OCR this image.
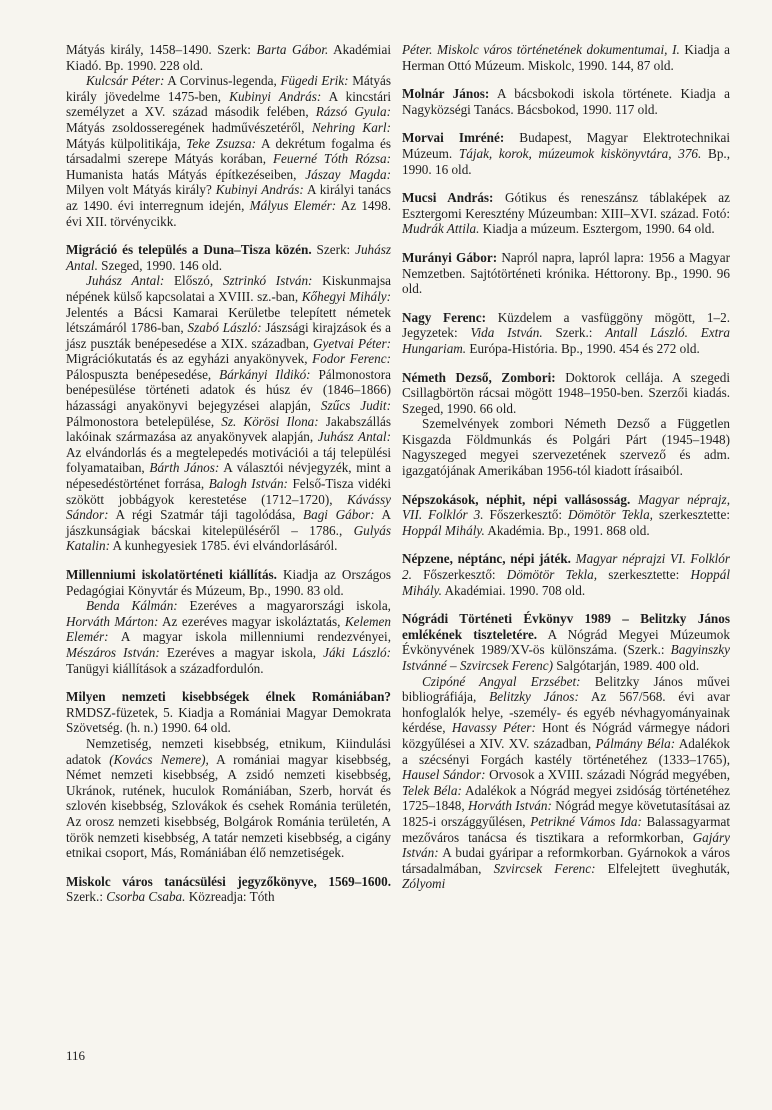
Mátyás király, 1458–1490. Szerk: Barta Gábor. Akadémiai Kiadó. Bp. 1990. 228 old.

Kulcsár Péter: A Corvinus-legenda, Fügedi Erik: Mátyás király jövedelme 1475-ben, Kubinyi András: A kincstári személyzet a XV. század második felében, Rázsó Gyula: Mátyás zsoldosseregének hadművészetéről, Nehring Karl: Mátyás külpolitikája, Teke Zsuzsa: A dekrétum fogalma és társadalmi szerepe Mátyás korában, Feuerné Tóth Rózsa: Humanista hatás Mátyás építkezéseiben, Jászay Magda: Milyen volt Mátyás király? Kubinyi András: A királyi tanács az 1490. évi interregnum idején, Mályus Elemér: Az 1498. évi XII. törvénycikk.

Migráció és település a Duna–Tisza közén. Szerk: Juhász Antal. Szeged, 1990. 146 old.

Juhász Antal: Előszó, Sztrinkó István: Kiskunmajsa népének külső kapcsolatai a XVIII. sz.-ban, Kőhegyi Mihály: Jelentés a Bácsi Kamarai Kerületbe telepített németek létszámáról 1786-ban, Szabó László: Jászsági kirajzások és a jász puszták benépesedése a XIX. században, Gyetvai Péter: Migrációkutatás és az egyházi anyakönyvek, Fodor Ferenc: Pálospuszta benépesedése, Bárkányi Ildikó: Pálmonostora benépesülése történeti adatok és húsz év (1846–1866) házassági anyakönyvi bejegyzései alapján, Szűcs Judit: Pálmonostora betelepülése, Sz. Körösi Ilona: Jakabszállás lakóinak származása az anyakönyvek alapján, Juhász Antal: Az elvándorlás és a megtelepedés motivációi a táj települési folyamataiban, Bárth János: A választói névjegyzék, mint a népesedéstörténet forrása, Balogh István: Felső-Tisza vidéki szökött jobbágyok kerestetése (1712–1720), Kávássy Sándor: A régi Szatmár táji tagolódása, Bagi Gábor: A jászkunságiak bácskai kitelepüléséről – 1786., Gulyás Katalin: A kunhegyesiek 1785. évi elvándorlásáról.

Millenniumi iskolatörténeti kiállítás. Kiadja az Országos Pedagógiai Könyvtár és Múzeum, Bp., 1990. 83 old.

Benda Kálmán: Ezeréves a magyarországi iskola, Horváth Márton: Az ezeréves magyar iskoláztatás, Kelemen Elemér: A magyar iskola millenniumi rendezvényei, Mészáros István: Ezeréves a magyar iskola, Jáki László: Tanügyi kiállítások a századfordulón.

Milyen nemzeti kisebbségek élnek Romániában? RMDSZ-füzetek, 5. Kiadja a Romániai Magyar Demokrata Szövetség. (h. n.) 1990. 64 old.

Nemzetiség, nemzeti kisebbség, etnikum, Kiindulási adatok (Kovács Nemere), A romániai magyar kisebbség, Német nemzeti kisebbség, A zsidó nemzeti kisebbség, Ukránok, rutének, huculok Romániában, Szerb, horvát és szlovén kisebbség, Szlovákok és csehek Románia területén, Az orosz nemzeti kisebbség, Bolgárok Románia területén, A török nemzeti kisebbség, A tatár nemzeti kisebbség, a cigány etnikai csoport, Más, Romániában élő nemzetiségek.

Miskolc város tanácsülési jegyzőkönyve, 1569–1600. Szerk.: Csorba Csaba. Közreadja: Tóth

Péter. Miskolc város történetének dokumentumai, I. Kiadja a Herman Ottó Múzeum. Miskolc, 1990. 144, 87 old.

Molnár János: A bácsbokodi iskola története. Kiadja a Nagyközségi Tanács. Bácsbokod, 1990. 117 old.

Morvai Imréné: Budapest, Magyar Elektrotechnikai Múzeum. Tájak, korok, múzeumok kiskönyvtára, 376. Bp., 1990. 16 old.

Mucsi András: Gótikus és reneszánsz táblaképek az Esztergomi Keresztény Múzeumban: XIII–XVI. század. Fotó: Mudrák Attila. Kiadja a múzeum. Esztergom, 1990. 64 old.

Murányi Gábor: Napról napra, lapról lapra: 1956 a Magyar Nemzetben. Sajtótörténeti krónika. Héttorony. Bp., 1990. 96 old.

Nagy Ferenc: Küzdelem a vasfüggöny mögött, 1–2. Jegyzetek: Vida István. Szerk.: Antall László. Extra Hungariam. Európa-História. Bp., 1990. 454 és 272 old.

Németh Dezső, Zombori: Doktorok cellája. A szegedi Csillagbörtön rácsai mögött 1948–1950-ben. Szerzői kiadás. Szeged, 1990. 66 old.

Szemelvények zombori Németh Dezső a Független Kisgazda Földmunkás és Polgári Párt (1945–1948) Nagyszeged megyei szervezetének szervező és adm. igazgatójának Amerikában 1956-tól kiadott írásaiból.

Népszokások, néphit, népi vallásosság. Magyar néprajz, VII. Folklór 3. Főszerkesztő: Dömötör Tekla, szerkesztette: Hoppál Mihály. Akadémia. Bp., 1991. 868 old.

Népzene, néptánc, népi játék. Magyar néprajzi VI. Folklór 2. Főszerkesztő: Dömötör Tekla, szerkesztette: Hoppál Mihály. Akadémiai. 1990. 708 old.

Nógrádi Történeti Évkönyv 1989 – Belitzky János emlékének tiszteletére. A Nógrád Megyei Múzeumok Évkönyvének 1989/XV-ös különszáma. (Szerk.: Bagyinszky Istvánné – Szvircsek Ferenc) Salgótarján, 1989. 400 old.

Czipóné Angyal Erzsébet: Belitzky János művei bibliográfiája, Belitzky János: Az 567/568. évi avar honfoglalók helye, -személy- és egyéb névhagyományainak kérdése, Havassy Péter: Hont és Nógrád vármegye nádori közgyűlései a XIV. XV. században, Pálmány Béla: Adalékok a szécsényi Forgách kastély történetéhez (1333–1765), Hausel Sándor: Orvosok a XVIII. századi Nógrád megyében, Telek Béla: Adalékok a Nógrád megyei zsidóság történetéhez 1725–1848, Horváth István: Nógrád megye követutasításai az 1825-i országgyűlésen, Petrikné Vámos Ida: Balassagyarmat mezőváros tanácsa és tisztikara a reformkorban, Gajáry István: A budai gyáripar a reformkorban. Gyárnokok a város társadalmában, Szvircsek Ferenc: Elfelejtett üveghuták, Zólyomi

116
